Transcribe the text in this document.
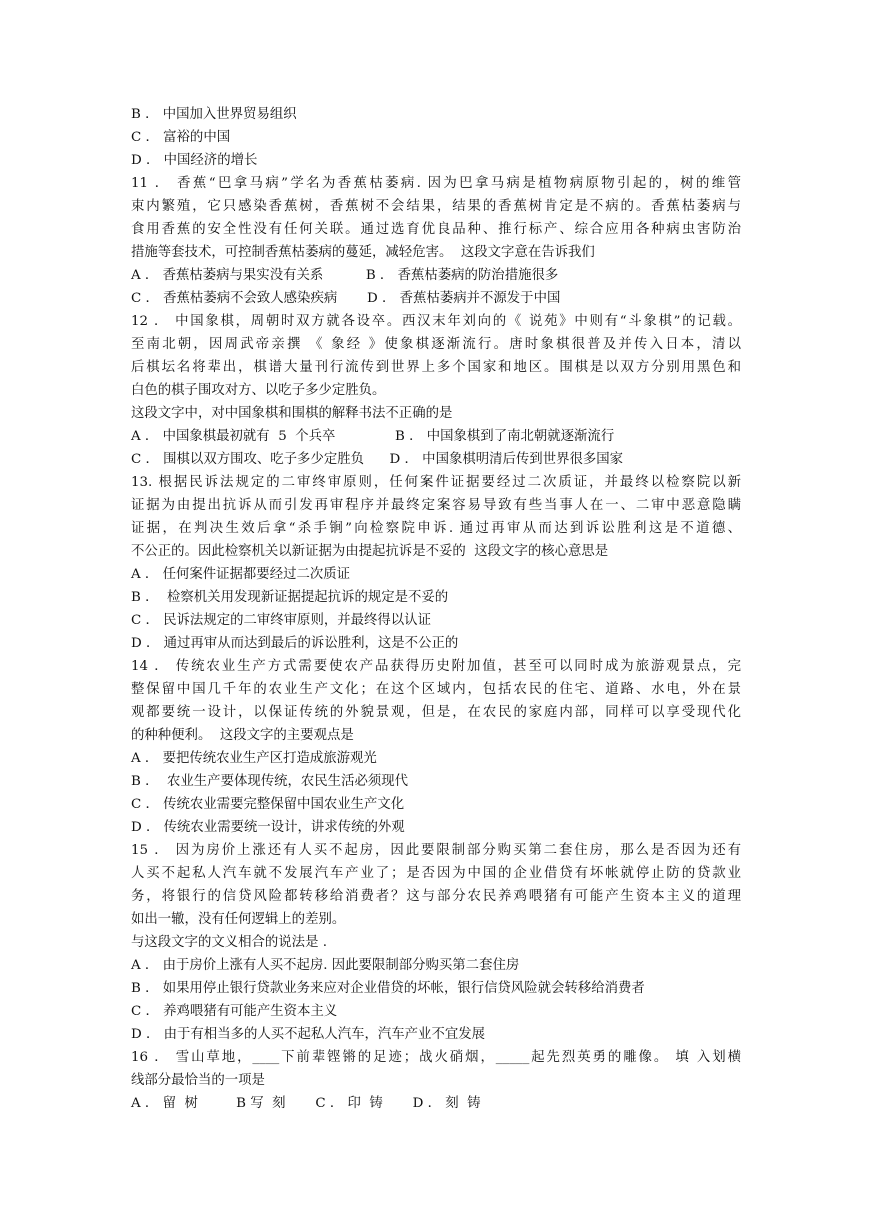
B ． 中国加入世界贸易组织
C ． 富裕的中国
D ． 中国经济的增长
11 ． 香蕉“巴拿马病”学名为香蕉枯萎病. 因为巴拿马病是植物病原物引起的，树的维管
束内繁殖，它只感染香蕉树，香蕉树不会结果，结果的香蕉树肯定是不病的。香蕉枯萎病与
食用香蕉的安全性没有任何关联。通过选育优良品种、推行标产、综合应用各种病虫害防治
措施等套技术，可控制香蕉枯萎病的蔓延，减轻危害。  这段文字意在告诉我们
A ． 香蕉枯萎病与果实没有关系          B ． 香蕉枯萎病的防治措施很多
C ． 香蕉枯萎病不会致人感染疾病       D ． 香蕉枯萎病并不源发于中国
12 ． 中国象棋，周朝时双方就各设卒。西汉末年刘向的《 说苑》中则有“斗象棋”的记载。
至南北朝，因周武帝亲撰 《 象经 》使象棋逐渐流行。唐时象棋很普及并传入日本，清以
后棋坛名将辈出，棋谱大量刊行流传到世界上多个国家和地区。围棋是以双方分别用黑色和
白色的棋子围攻对方、以吃子多少定胜负。
这段文字中，对中国象棋和围棋的解释书法不正确的是
A ． 中国象棋最初就有  5  个兵卒              B ． 中国象棋到了南北朝就逐渐流行
C ． 围棋以双方围攻、吃子多少定胜负      D ． 中国象棋明清后传到世界很多国家
13. 根据民诉法规定的二审终审原则，任何案件证据要经过二次质证，并最终以检察院以新
证据为由提出抗诉从而引发再审程序并最终定案容易导致有些当事人在一、二审中恶意隐瞒
证据，在判决生效后拿“杀手锏”向检察院申诉. 通过再审从而达到诉讼胜利这是不道德、
不公正的。因此检察机关以新证据为由提起抗诉是不妥的  这段文字的核心意思是
A ． 任何案件证据都要经过二次质证
B ．  检察机关用发现新证据提起抗诉的规定是不妥的
C ． 民诉法规定的二审终审原则，并最终得以认证
D ． 通过再审从而达到最后的诉讼胜利，这是不公正的
14 ． 传统农业生产方式需要使农产品获得历史附加值，甚至可以同时成为旅游观景点，完
整保留中国几千年的农业生产文化；在这个区域内，包括农民的住宅、道路、水电，外在景
观都要统一设计，以保证传统的外貌景观，但是，在农民的家庭内部，同样可以享受现代化
的种种便利。  这段文字的主要观点是
A ． 要把传统农业生产区打造成旅游观光
B ．  农业生产要体现传统，农民生活必须现代
C ． 传统农业需要完整保留中国农业生产文化
D ． 传统农业需要统一设计，讲求传统的外观
15 ． 因为房价上涨还有人买不起房，因此要限制部分购买第二套住房，那么是否因为还有
人买不起私人汽车就不发展汽车产业了；是否因为中国的企业借贷有坏帐就停止防的贷款业
务，将银行的信贷风险都转移给消费者？这与部分农民养鸡喂猪有可能产生资本主义的道理
如出一辙，没有任何逻辑上的差别。
与这段文字的文义相合的说法是 .
A ． 由于房价上涨有人买不起房. 因此要限制部分购买第二套住房
B ． 如果用停止银行贷款业务来应对企业借贷的坏帐，银行信贷风险就会转移给消费者
C ． 养鸡喂猪有可能产生资本主义
D ． 由于有相当多的人买不起私人汽车，汽车产业不宜发展
16 ． 雪山草地，____下前辈铿锵的足迹；战火硝烟，_____起先烈英勇的雕像。 填 入划横
线部分最恰当的一项是
A ． 留  树         B 写  刻       C ． 印  铸       D ． 刻  铸
